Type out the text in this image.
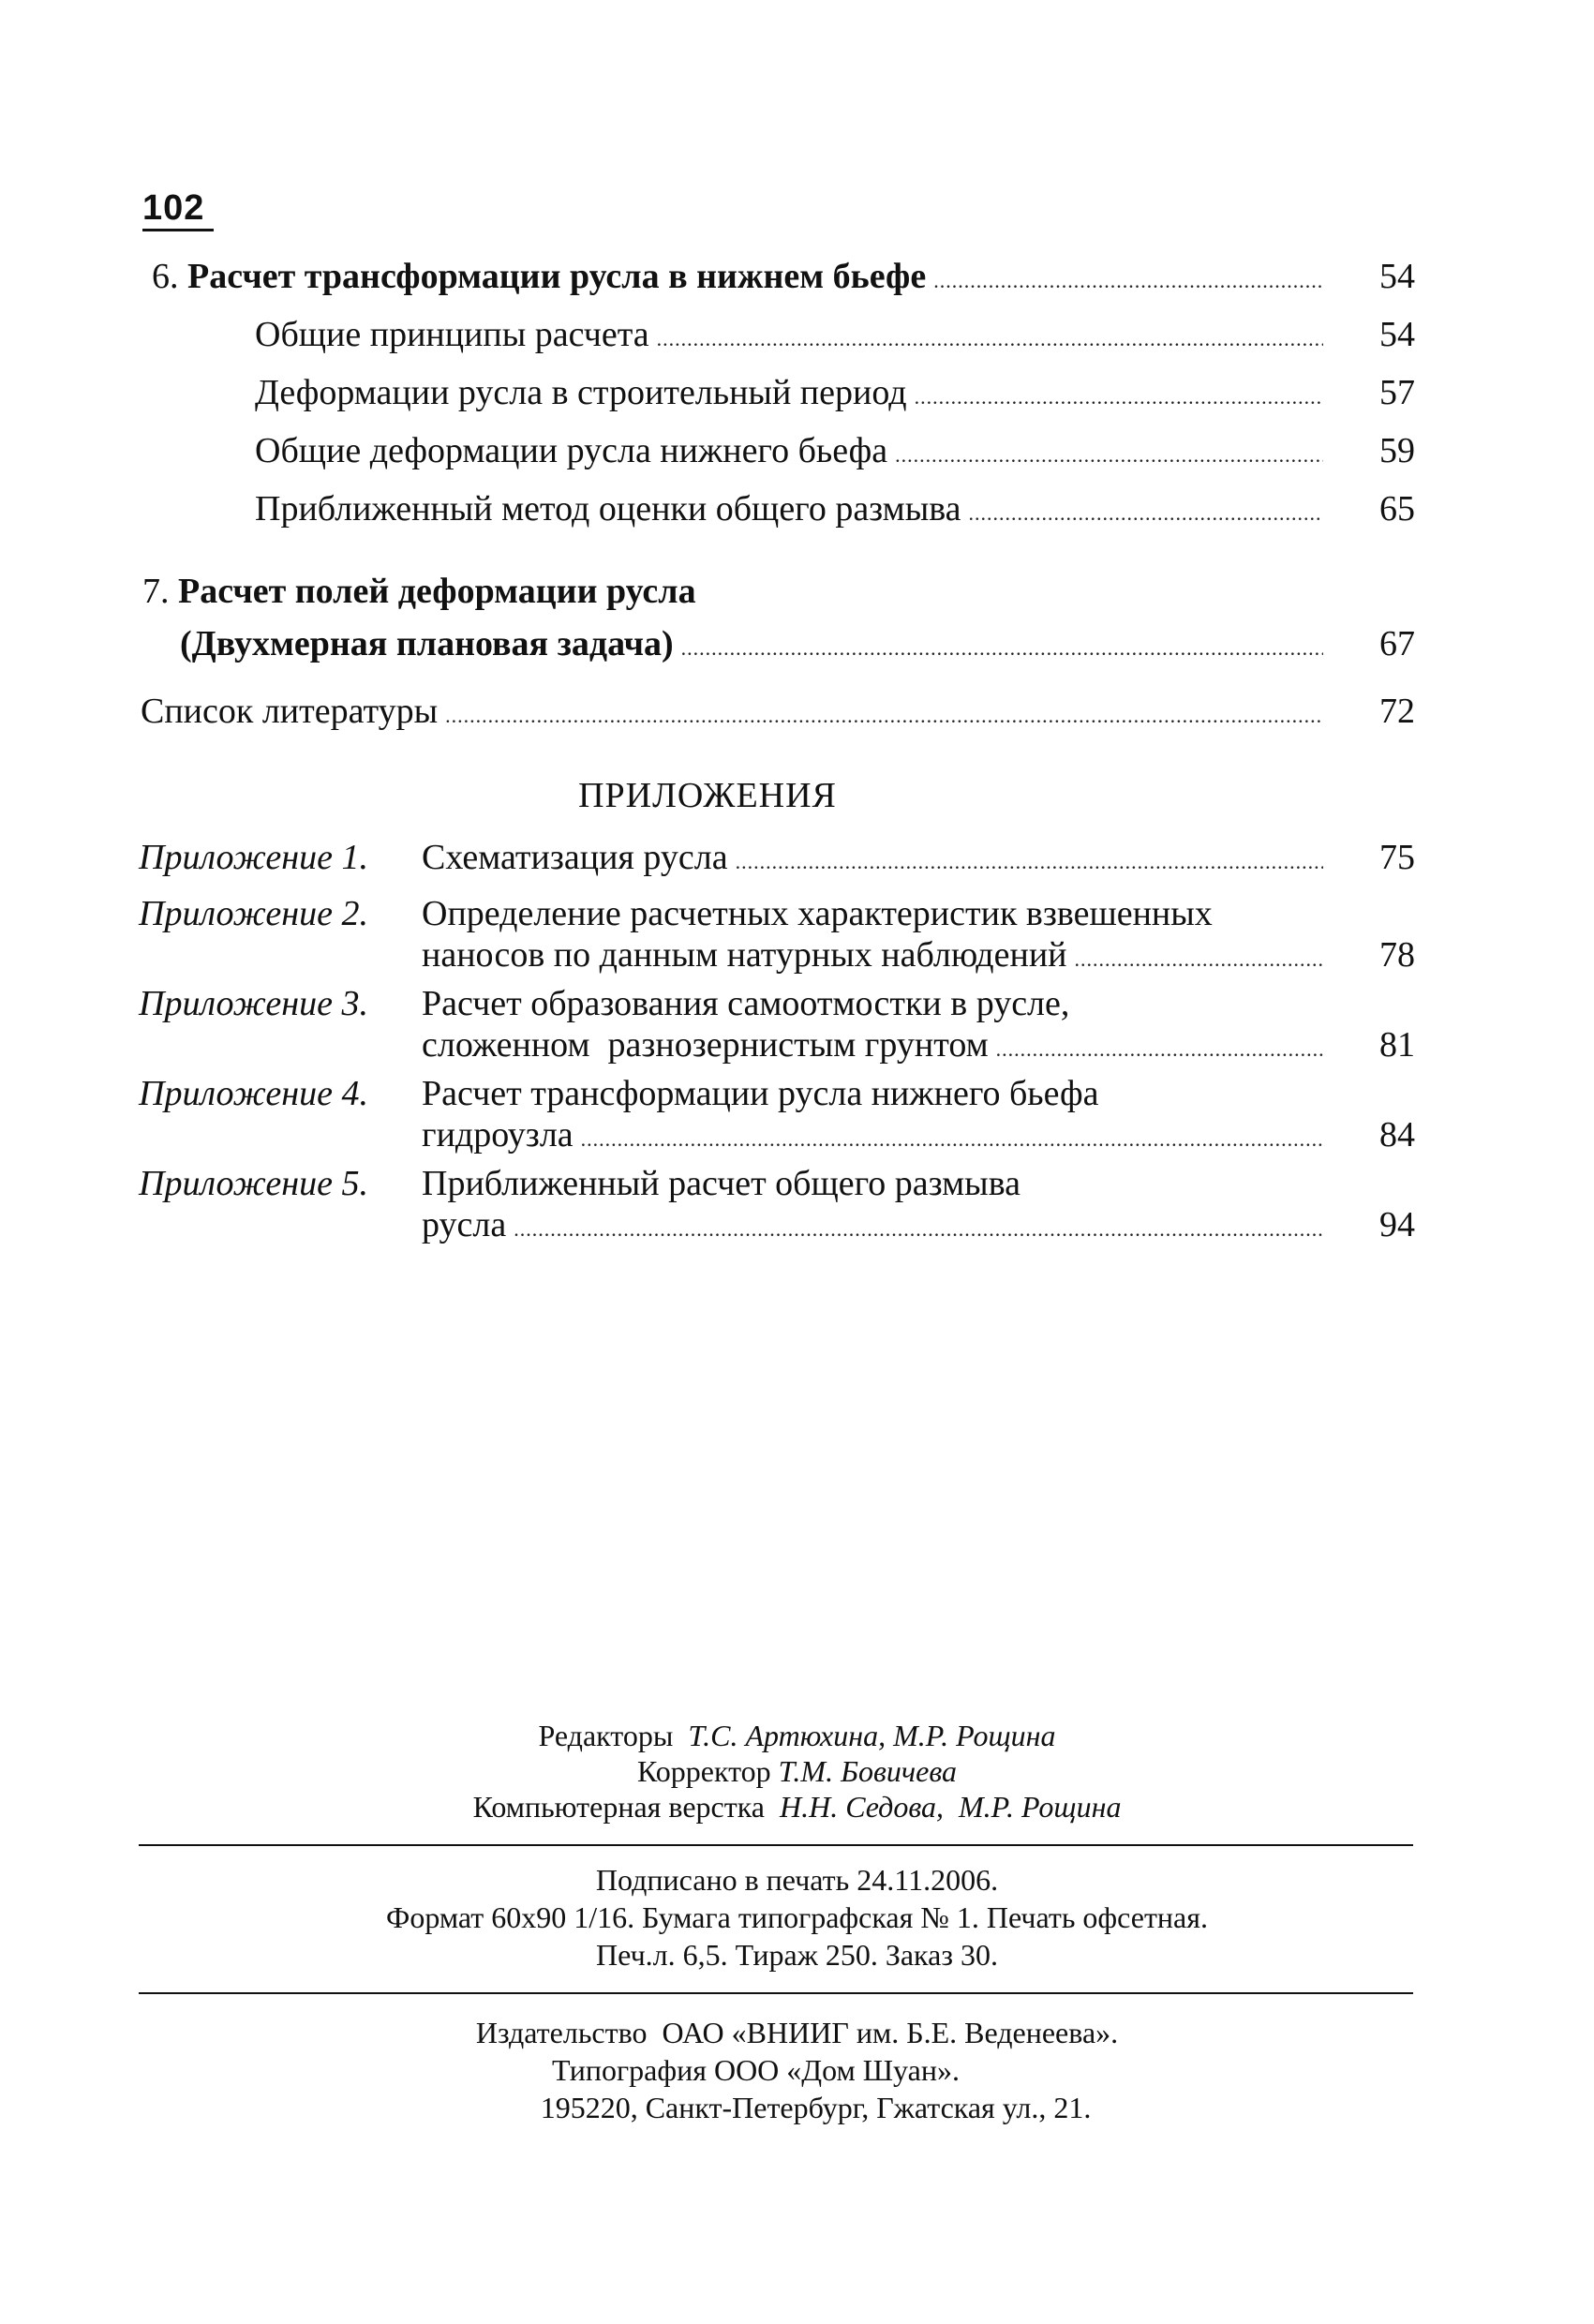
102
6. Расчет трансформации русла в нижнем бьефе .....	54
Общие принципы расчета .....	54
Деформации русла в строительный период .....	57
Общие деформации русла нижнего бьефа .....	59
Приближенный метод оценки общего размыва .....	65
7. Расчет полей деформации русла
(Двухмерная плановая задача) .....	67
Список литературы .....	72
ПРИЛОЖЕНИЯ
Приложение 1. Схематизация русла .....	75
Приложение 2. Определение расчетных характеристик взвешенных
наносов по данным натурных наблюдений .....	78
Приложение 3. Расчет образования самоотмостки в русле,
сложенном  разнозернистым грунтом .....	81
Приложение 4. Расчет трансформации русла нижнего бьефа
гидроузла .....	84
Приложение 5. Приближенный расчет общего размыва
русла .....	94
Редакторы Т.С. Артюхина, М.Р. Рощина
Корректор Т.М. Бовичева
Компьютерная верстка Н.Н. Седова,  М.Р. Рощина
Подписано в печать 24.11.2006.
Формат 60х90 1/16. Бумага типографская № 1. Печать офсетная.
Печ.л. 6,5. Тираж 250. Заказ 30.
Издательство  ОАО «ВНИИГ им. Б.Е. Веденеева».
Типография ООО «Дом Шуан».
195220, Санкт-Петербург, Гжатская ул., 21.
